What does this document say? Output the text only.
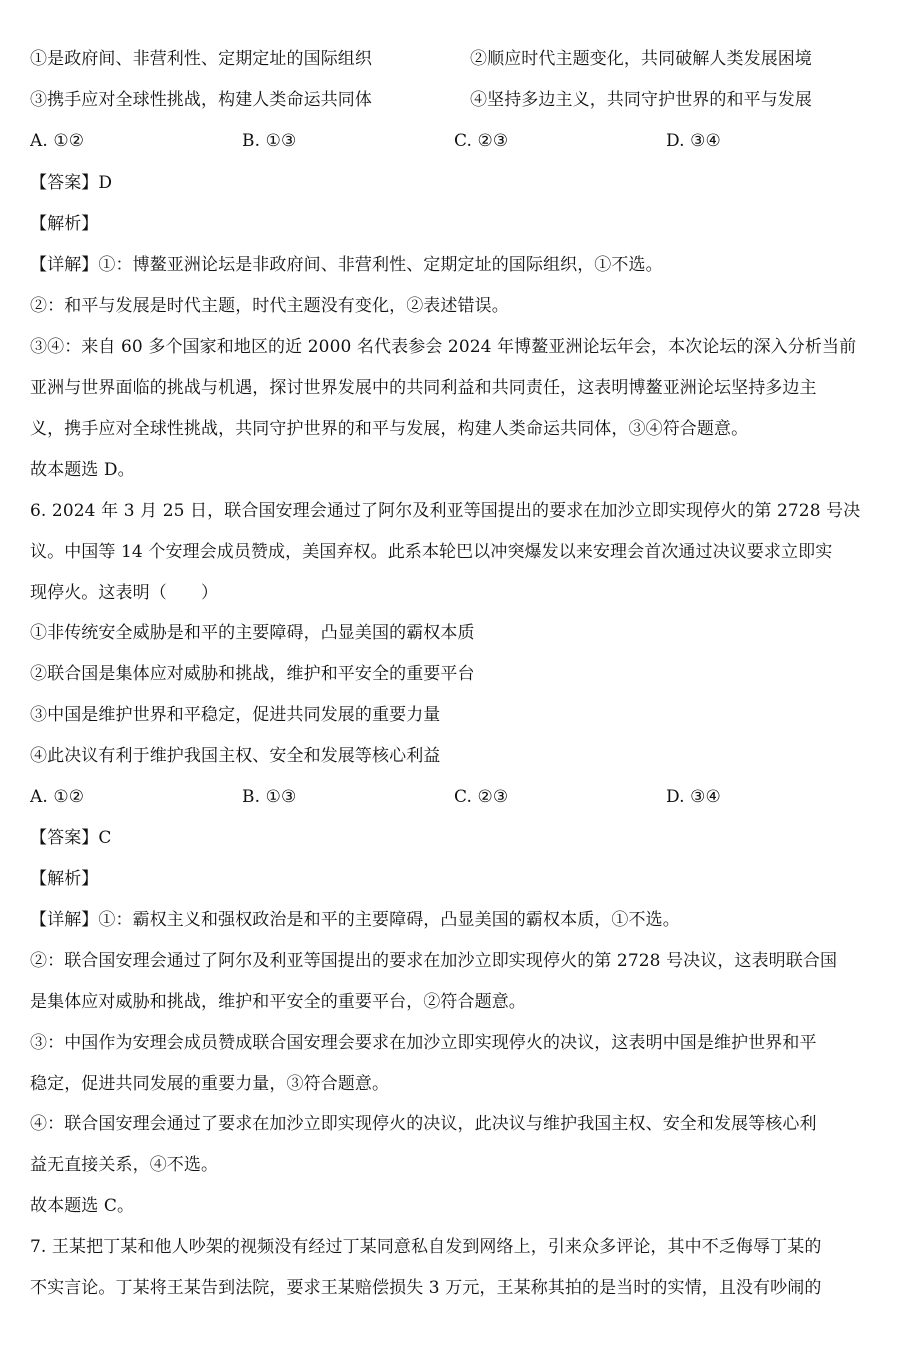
①是政府间、非营利性、定期定址的国际组织	②顺应时代主题变化，共同破解人类发展困境
③携手应对全球性挑战，构建人类命运共同体	④坚持多边主义，共同守护世界的和平与发展
A. ①②	B. ①③	C. ②③	D. ③④
【答案】D
【解析】
【详解】①：博鳌亚洲论坛是非政府间、非营利性、定期定址的国际组织，①不选。
②：和平与发展是时代主题，时代主题没有变化，②表述错误。
③④：来自 60 多个国家和地区的近 2000 名代表参会 2024 年博鳌亚洲论坛年会，本次论坛的深入分析当前
亚洲与世界面临的挑战与机遇，探讨世界发展中的共同利益和共同责任，这表明博鳌亚洲论坛坚持多边主
义，携手应对全球性挑战，共同守护世界的和平与发展，构建人类命运共同体，③④符合题意。
故本题选 D。
6. 2024 年 3 月 25 日，联合国安理会通过了阿尔及利亚等国提出的要求在加沙立即实现停火的第 2728 号决
议。中国等 14 个安理会成员赞成，美国弃权。此系本轮巴以冲突爆发以来安理会首次通过决议要求立即实
现停火。这表明（　　）
①非传统安全威胁是和平的主要障碍，凸显美国的霸权本质
②联合国是集体应对威胁和挑战，维护和平安全的重要平台
③中国是维护世界和平稳定，促进共同发展的重要力量
④此决议有利于维护我国主权、安全和发展等核心利益
A. ①②	B. ①③	C. ②③	D. ③④
【答案】C
【解析】
【详解】①：霸权主义和强权政治是和平的主要障碍，凸显美国的霸权本质，①不选。
②：联合国安理会通过了阿尔及利亚等国提出的要求在加沙立即实现停火的第 2728 号决议，这表明联合国
是集体应对威胁和挑战，维护和平安全的重要平台，②符合题意。
③：中国作为安理会成员赞成联合国安理会要求在加沙立即实现停火的决议，这表明中国是维护世界和平
稳定，促进共同发展的重要力量，③符合题意。
④：联合国安理会通过了要求在加沙立即实现停火的决议，此决议与维护我国主权、安全和发展等核心利
益无直接关系，④不选。
故本题选 C。
7. 王某把丁某和他人吵架的视频没有经过丁某同意私自发到网络上，引来众多评论，其中不乏侮辱丁某的
不实言论。丁某将王某告到法院，要求王某赔偿损失 3 万元，王某称其拍的是当时的实情，且没有吵闹的
